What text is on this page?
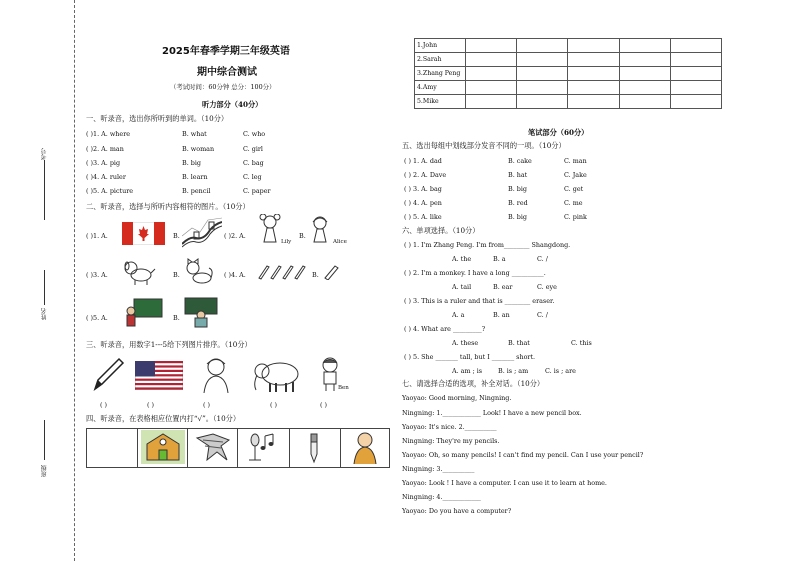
考号
姓名
班级
2025年春季学期三年级英语
期中综合测试
（考试时间：60分钟 总分：100分）
听力部分（40分）
一、听录音，选出你所听到的单词。（10分）
( )1. A. where	B. what	C. who
( )2. A. man	B. woman	C. girl
( )3. A. pig	B. big	C. bag
( )4. A. ruler	B. learn	C. leg
( )5. A. picture	B. pencil	C. paper
二、听录音，选择与所听内容相符的图片。（10分）
( )1. A.	B.	( )2. A.
Lily
B.
Alice
( )3. A.	B.	( )4. A.	B.
( )5. A.	B.
三、听录音，用数字1---5给下列图片排序。（10分）
Ben
( )	( )	( )	( )	( )
四、听录音，在表格相应位置内打“√”。（10分）
1.John					
2.Sarah					
3.Zhang Peng					
4.Amy					
5.Mike					
笔试部分（60分）
五、选出每组中划线部分发音不同的一项。（10分）
( ) 1. A. dad	B. cake	C. man
( ) 2. A. Dave	B. hat	C. Jake
( ) 3. A. bag	B. big	C. get
( ) 4. A. pen	B. red	C. me
( ) 5. A. like	B. big	C. pink
六、单项选择。（10分）
( ) 1. I'm Zhang Peng. I'm from________ Shangdong.
A. the	B. a	C. /
( ) 2. I'm a monkey. I have a long __________.
A. tail	B. ear	C. eye
( ) 3. This is a ruler and that is ________ eraser.
A. a	B. an	C. /
( ) 4. What are _________?
A. these	B. that	C. this
( ) 5. She _______ tall, but I _______ short.
A. am ; is B. is ; am	C. is ; are
七、请选择合适的选项，补全对话。（10分）
Yaoyao: Good morning, Ningning.
Ningning: 1.____________ Look! I have a new pencil box.
Yaoyao: It's nice. 2.__________
Ningning: They're my pencils.
Yaoyao: Oh, so many pencils! I can't find my pencil. Can I use your pencil?
Ningning: 3.__________
Yaoyao: Look ! I have a computer. I can use it to learn at home.
Ningning: 4.____________
Yaoyao: Do you have a computer?
